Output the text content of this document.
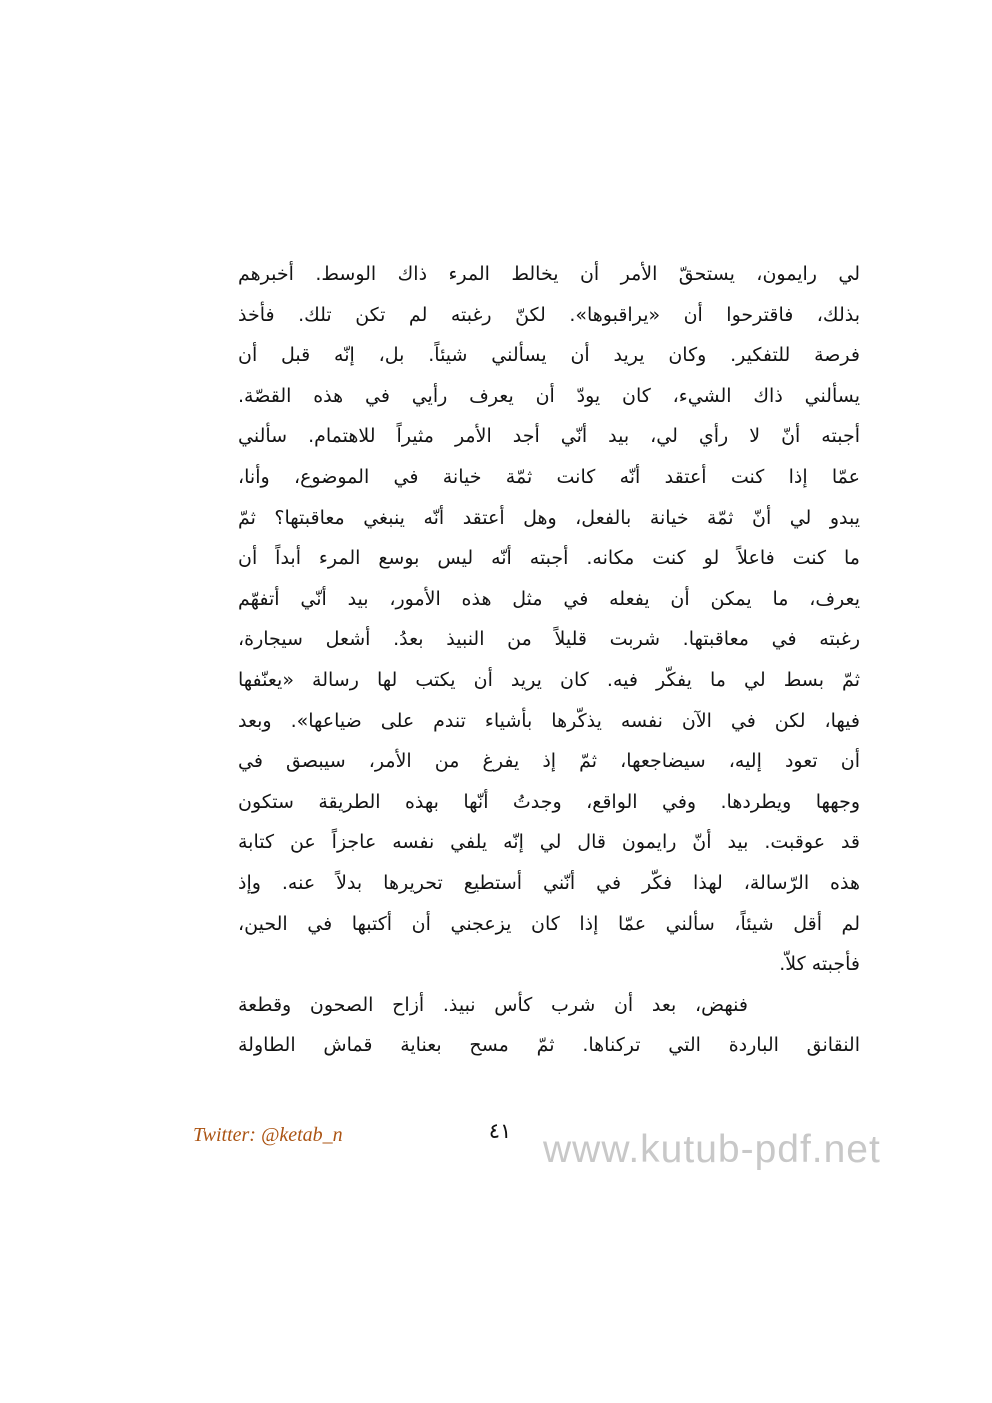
لي رايمون، يستحقّ الأمر أن يخالط المرء ذاك الوسط. أخبرهم
بذلك، فاقترحوا أن «يراقبوها». لكنّ رغبته لم تكن تلك. فأخذ
فرصة للتفكير. وكان يريد أن يسألني شيئاً. بل، إنّه قبل أن
يسألني ذاك الشيء، كان يودّ أن يعرف رأيي في هذه القصّة.
أجبته أنّ لا رأي لي، بيد أنّي أجد الأمر مثيراً للاهتمام. سألني
عمّا إذا كنت أعتقد أنّه كانت ثمّة خيانة في الموضوع، وأنا،
يبدو لي أنّ ثمّة خيانة بالفعل، وهل أعتقد أنّه ينبغي معاقبتها؟ ثمّ
ما كنت فاعلاً لو كنت مكانه. أجبته أنّه ليس بوسع المرء أبداً أن
يعرف، ما يمكن أن يفعله في مثل هذه الأمور، بيد أنّي أتفهّم
رغبته في معاقبتها. شربت قليلاً من النبيذ بعدُ. أشعل سيجارة،
ثمّ بسط لي ما يفكّر فيه. كان يريد أن يكتب لها رسالة «يعنّفها
فيها، لكن في الآن نفسه يذكّرها بأشياء تندم على ضياعها». وبعد
أن تعود إليه، سيضاجعها، ثمّ إذ يفرغ من الأمر، سيبصق في
وجهها ويطردها. وفي الواقع، وجدتُ أنّها بهذه الطريقة ستكون
قد عوقبت. بيد أنّ رايمون قال لي إنّه يلفي نفسه عاجزاً عن كتابة
هذه الرّسالة، لهذا فكّر في أنّني أستطيع تحريرها بدلاً عنه. وإذ
لم أقل شيئاً، سألني عمّا إذا كان يزعجني أن أكتبها في الحين،
فأجبته كلاّ.
فنهض، بعد أن شرب كأس نبيذ. أزاح الصحون وقطعة
النقانق الباردة التي تركناها. ثمّ مسح بعناية قماش الطاولة
Twitter: @ketab_n	٤١ www.kutub-pdf.net
